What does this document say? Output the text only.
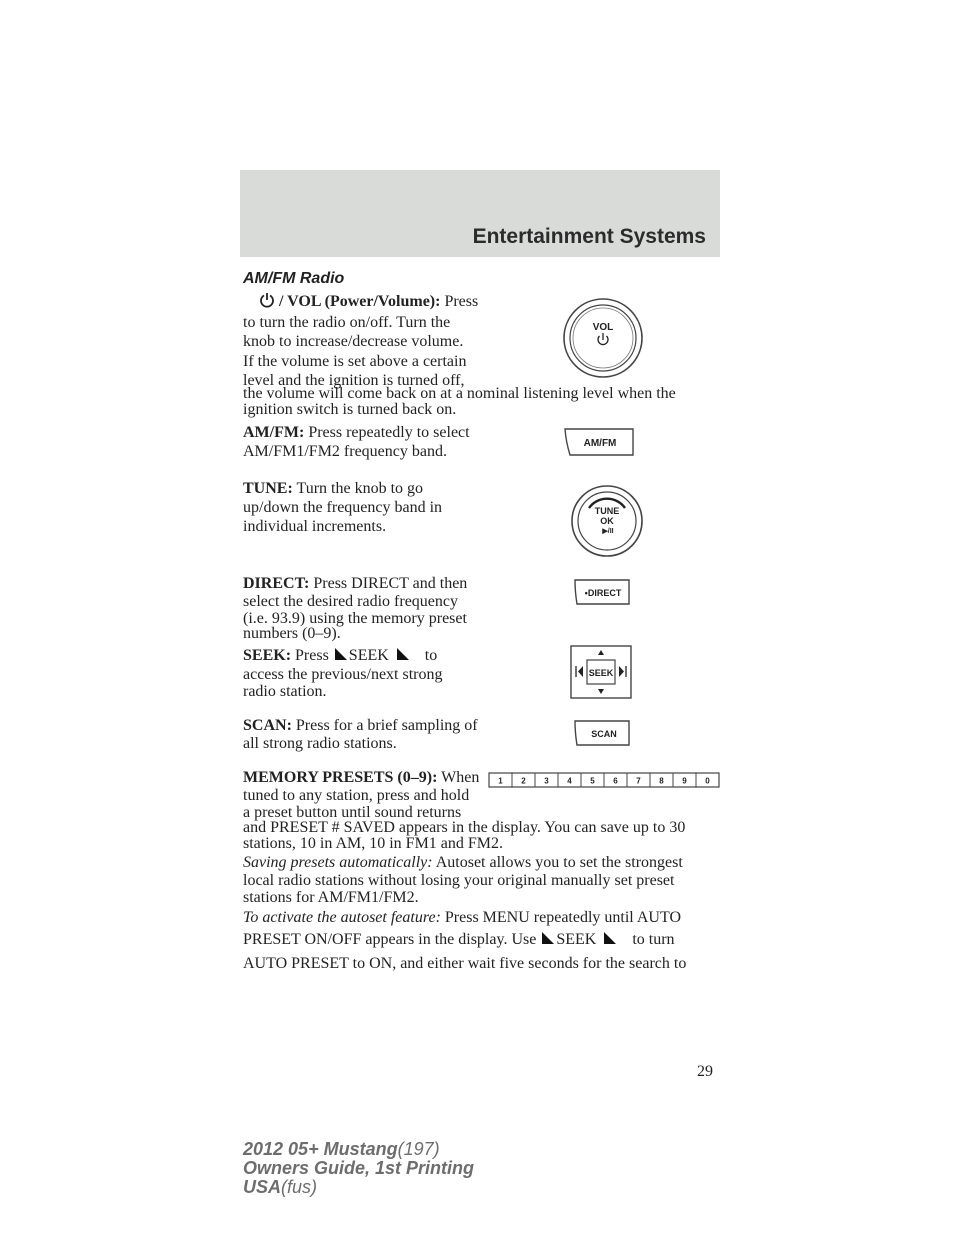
Entertainment Systems
AM/FM Radio
/ VOL (Power/Volume): Press
to turn the radio on/off. Turn the
knob to increase/decrease volume.
If the volume is set above a certain
level and the ignition is turned off,
the volume will come back on at a nominal listening level when the
ignition switch is turned back on.
VOL
AM/FM: Press repeatedly to select
AM/FM1/FM2 frequency band.	AM/FM
TUNE: Turn the knob to go
up/down the frequency band in
individual increments.
TUNE
OK
▶/II
DIRECT: Press DIRECT and then
select the desired radio frequency
(i.e. 93.9) using the memory preset
numbers (0–9).
•DIRECT
SEEK: Press SEEK to
access the previous/next strong
radio station.
SEEK
SCAN: Press for a brief sampling of
all strong radio stations.
SCAN
MEMORY PRESETS (0–9): When
tuned to any station, press and hold
a preset button until sound returns
and PRESET # SAVED appears in the display. You can save up to 30
stations, 10 in AM, 10 in FM1 and FM2.
1 2 3 4 5 6 7 8 9 0
Saving presets automatically: Autoset allows you to set the strongest
local radio stations without losing your original manually set preset
stations for AM/FM1/FM2.
To activate the autoset feature: Press MENU repeatedly until AUTO
PRESET ON/OFF appears in the display. Use SEEK to turn
AUTO PRESET to ON, and either wait five seconds for the search to
29
2012 05+ Mustang(197)
Owners Guide, 1st Printing
USA(fus)
